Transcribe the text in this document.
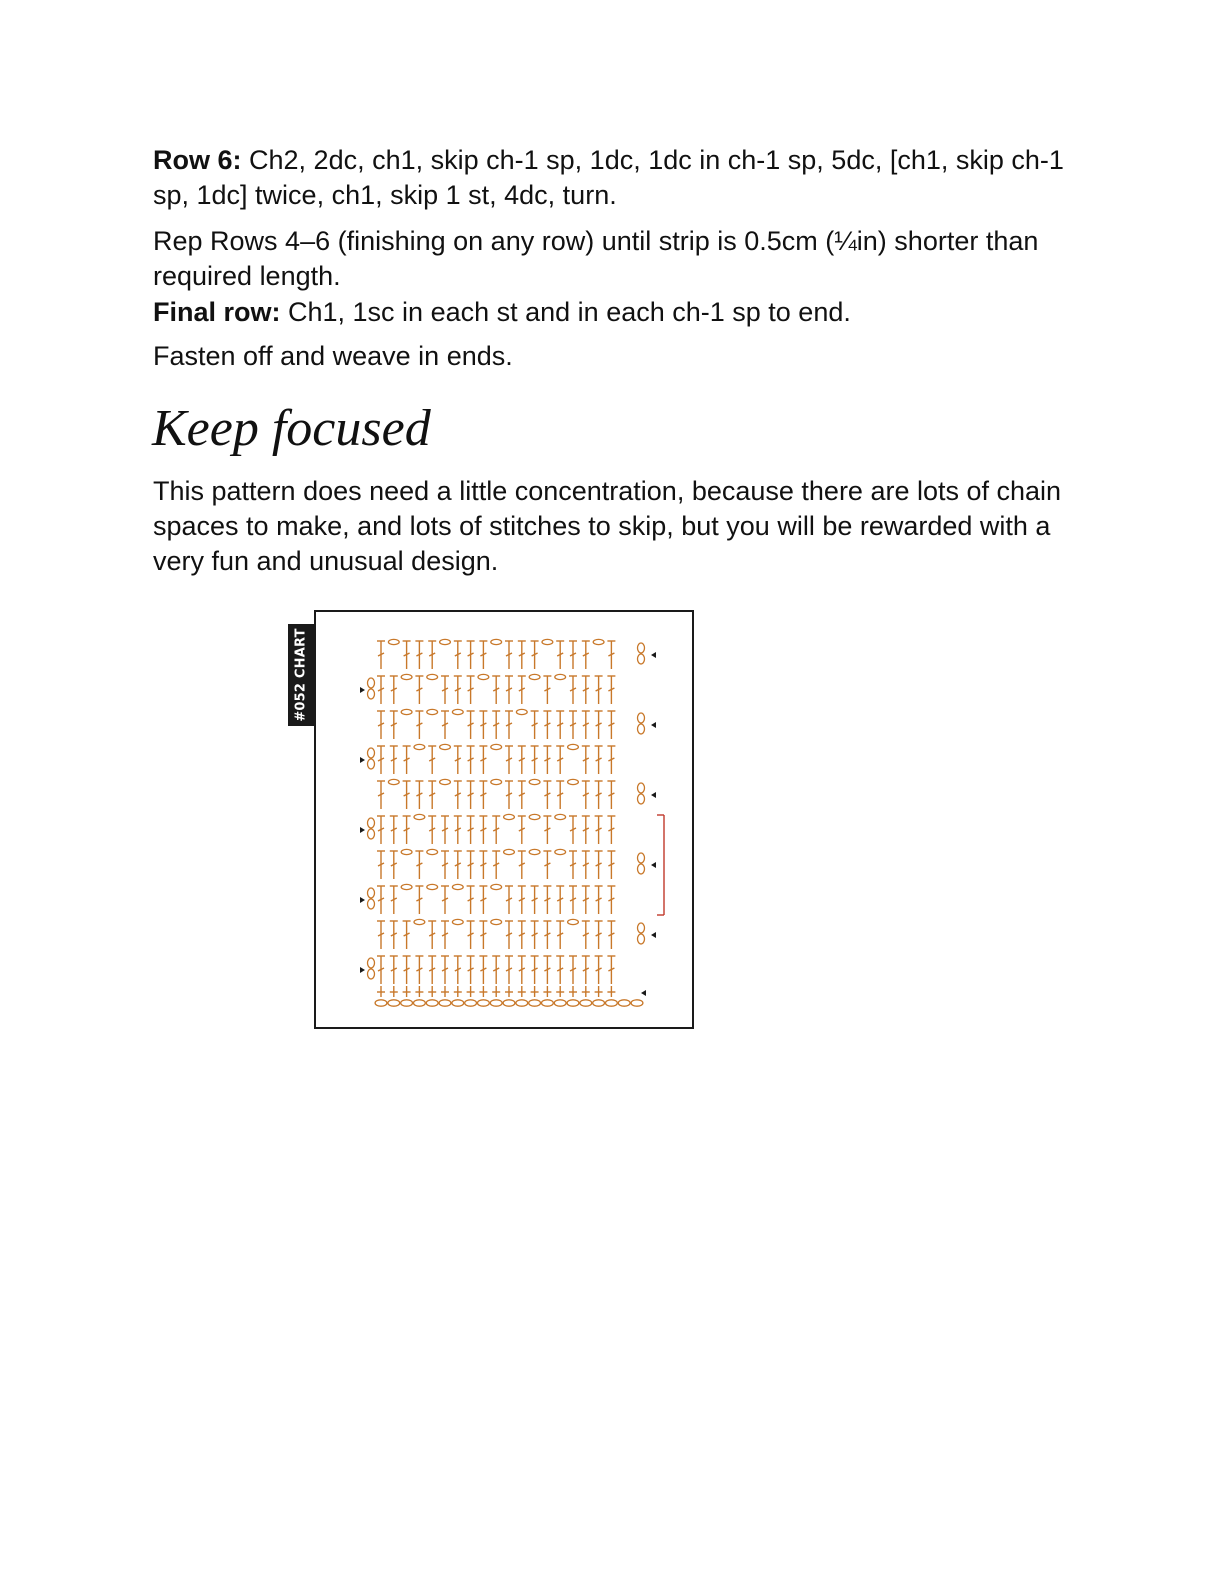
Row 6: Ch2, 2dc, ch1, skip ch-1 sp, 1dc, 1dc in ch-1 sp, 5dc, [ch1, skip ch-1 sp, 1dc] twice, ch1, skip 1 st, 4dc, turn.

Rep Rows 4–6 (finishing on any row) until strip is 0.5cm (¼in) shorter than required length.

Final row: Ch1, 1sc in each st and in each ch-1 sp to end.

Fasten off and weave in ends.

Keep focused

This pattern does need a little concentration, because there are lots of chain spaces to make, and lots of stitches to skip, but you will be rewarded with a very fun and unusual design.

#052 CHART
